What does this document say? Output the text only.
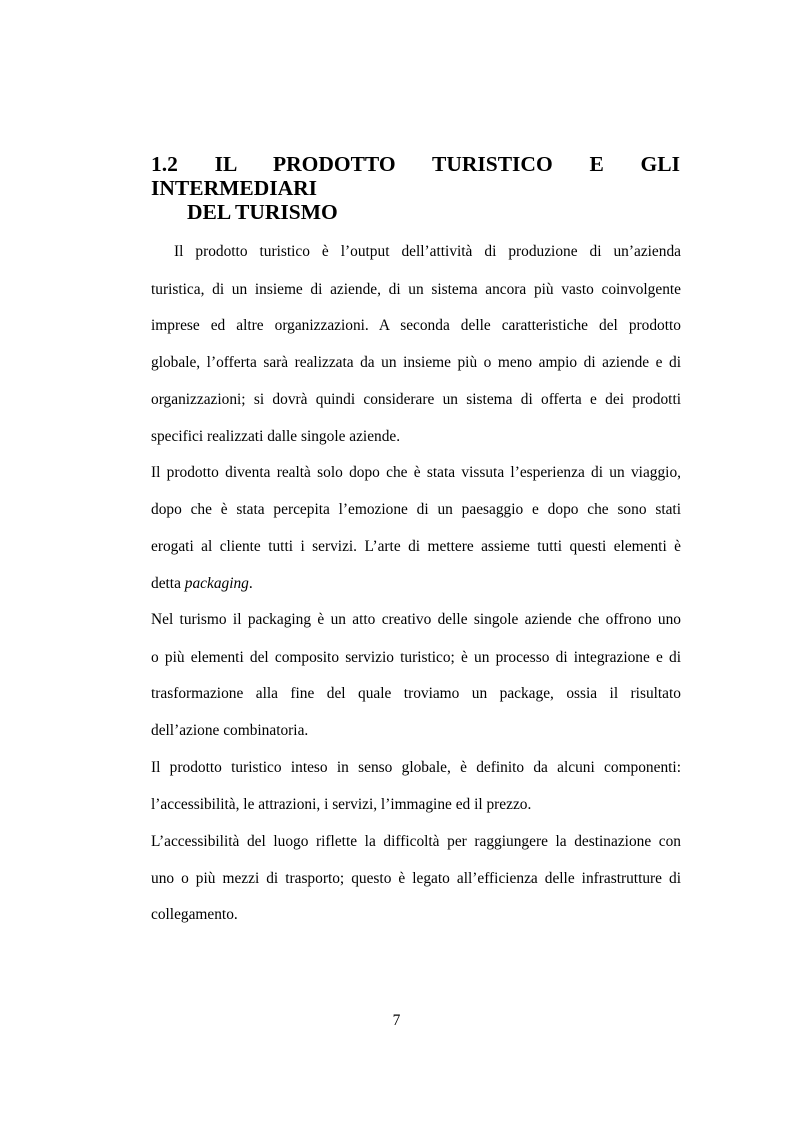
1.2 IL PRODOTTO TURISTICO E GLI INTERMEDIARI
DEL TURISMO

Il prodotto turistico è l’output dell’attività di produzione di un’azienda

turistica, di un insieme di aziende, di un sistema ancora più vasto coinvolgente

imprese ed altre organizzazioni. A seconda delle caratteristiche del prodotto

globale, l’offerta sarà realizzata da un insieme più o meno ampio di aziende e di

organizzazioni; si dovrà quindi considerare un sistema di offerta e dei prodotti

specifici realizzati dalle singole aziende.

Il prodotto diventa realtà solo dopo che è stata vissuta l’esperienza di un viaggio,

dopo che è stata percepita l’emozione di un paesaggio e dopo che sono stati

erogati al cliente tutti i servizi. L’arte di mettere assieme tutti questi elementi è

detta packaging.

Nel turismo il packaging è un atto creativo delle singole aziende che offrono uno

o più elementi del composito servizio turistico; è un processo di integrazione e di

trasformazione alla fine del quale troviamo un package, ossia il risultato

dell’azione combinatoria.

Il prodotto turistico inteso in senso globale, è definito da alcuni componenti:

l’accessibilità, le attrazioni, i servizi, l’immagine ed il prezzo.

L’accessibilità del luogo riflette la difficoltà per raggiungere la destinazione con

uno o più mezzi di trasporto; questo è legato all’efficienza delle infrastrutture di

collegamento.

7
